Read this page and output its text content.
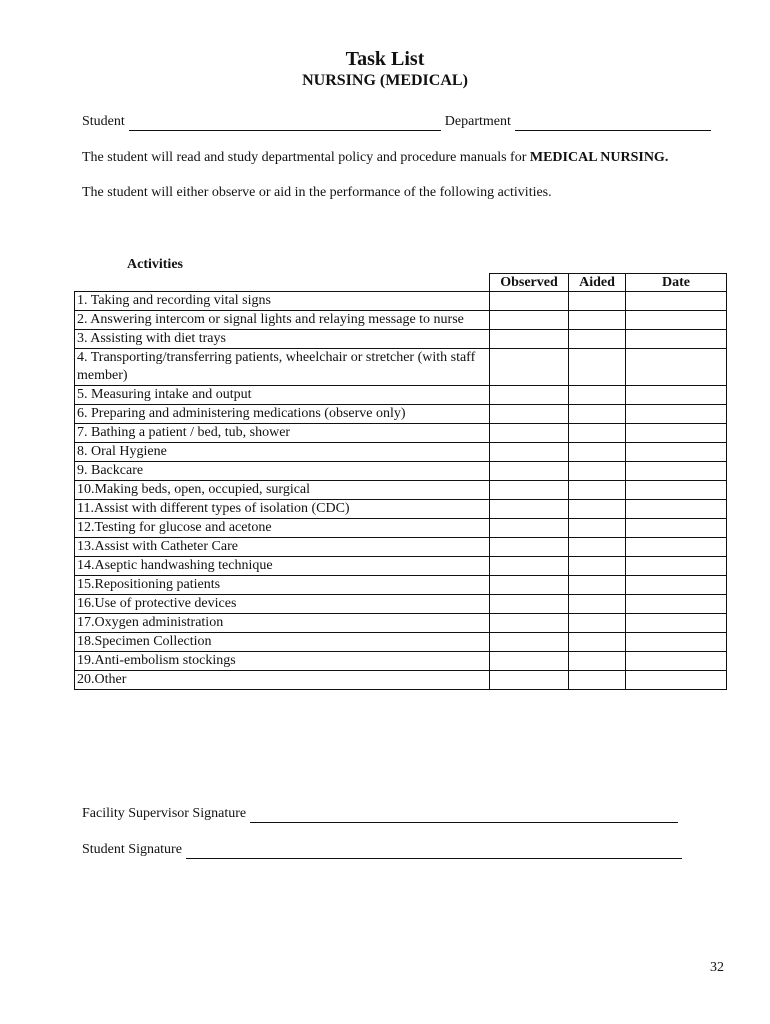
Task List
NURSING (MEDICAL)
Student	Department
The student will read and study departmental policy and procedure manuals for MEDICAL NURSING.
The student will either observe or aid in the performance of the following activities.
Activities
Observed	Aided	Date
1. Taking and recording vital signs			

2. Answering intercom or signal lights and relaying message to nurse			

3. Assisting with diet trays			

4. Transporting/transferring patients, wheelchair or stretcher (with staff member)			

5. Measuring intake and output			

6. Preparing and administering medications (observe only)			

7. Bathing a patient / bed, tub, shower			

8. Oral Hygiene			

9. Backcare			

10.Making beds, open, occupied, surgical			

11.Assist with different types of isolation (CDC)			

12.Testing for glucose and acetone			

13.Assist with Catheter Care			

14.Aseptic handwashing technique			

15.Repositioning patients			

16.Use of protective devices			

17.Oxygen administration			

18.Specimen Collection			

19.Anti-embolism stockings			

20.Other			

Facility Supervisor Signature
Student Signature
32
